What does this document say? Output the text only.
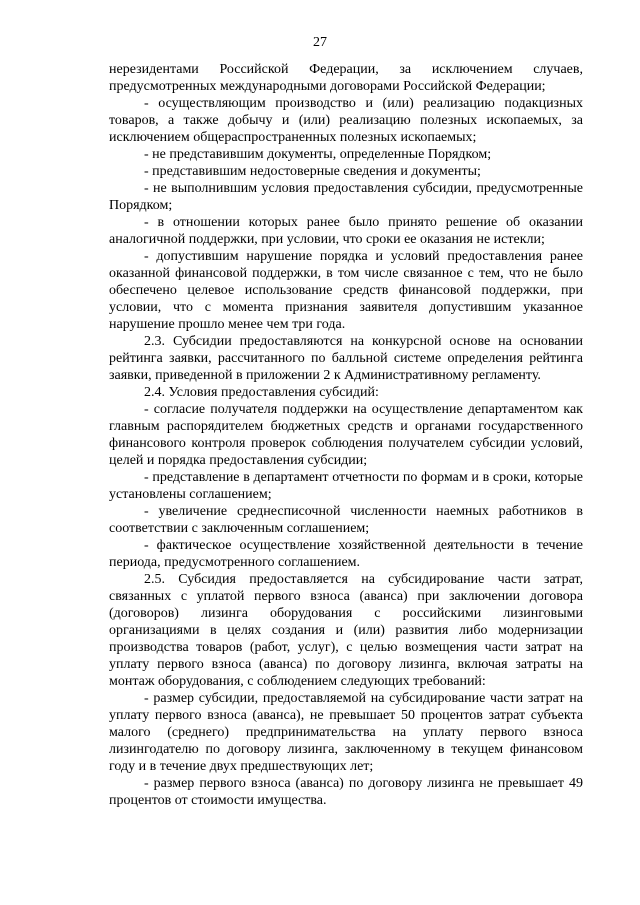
27

нерезидентами Российской Федерации, за исключением случаев, предусмотренных международными договорами Российской Федерации;

- осуществляющим производство и (или) реализацию подакцизных товаров, а также добычу и (или) реализацию полезных ископаемых, за исключением общераспространенных полезных ископаемых;

- не представившим документы, определенные Порядком;

- представившим недостоверные сведения и документы;

- не выполнившим условия предоставления субсидии, предусмотренные Порядком;

- в отношении которых ранее было принято решение об оказании аналогичной поддержки, при условии, что сроки ее оказания не истекли;

- допустившим нарушение порядка и условий предоставления ранее оказанной финансовой поддержки, в том числе связанное с тем, что не было обеспечено целевое использование средств финансовой поддержки, при условии, что с момента признания заявителя допустившим указанное нарушение прошло менее чем три года.

2.3. Субсидии предоставляются на конкурсной основе на основании рейтинга заявки, рассчитанного по балльной системе определения рейтинга заявки, приведенной в приложении 2 к Административному регламенту.

2.4. Условия предоставления субсидий:

- согласие получателя поддержки на осуществление департаментом как главным распорядителем бюджетных средств и органами государственного финансового контроля проверок соблюдения получателем субсидии условий, целей и порядка предоставления субсидии;

- представление в департамент отчетности по формам и в сроки, которые установлены соглашением;

- увеличение среднесписочной численности наемных работников в соответствии с заключенным соглашением;

- фактическое осуществление хозяйственной деятельности в течение периода, предусмотренного соглашением.

2.5. Субсидия предоставляется на субсидирование части затрат, связанных с уплатой первого взноса (аванса) при заключении договора (договоров) лизинга оборудования с российскими лизинговыми организациями в целях создания и (или) развития либо модернизации производства товаров (работ, услуг), с целью возмещения части затрат на уплату первого взноса (аванса) по договору лизинга, включая затраты на монтаж оборудования, с соблюдением следующих требований:

- размер субсидии, предоставляемой на субсидирование части затрат на уплату первого взноса (аванса), не превышает 50 процентов затрат субъекта малого (среднего) предпринимательства на уплату первого взноса лизингодателю по договору лизинга, заключенному в текущем финансовом году и в течение двух предшествующих лет;

- размер первого взноса (аванса) по договору лизинга не превышает 49 процентов от стоимости имущества.
